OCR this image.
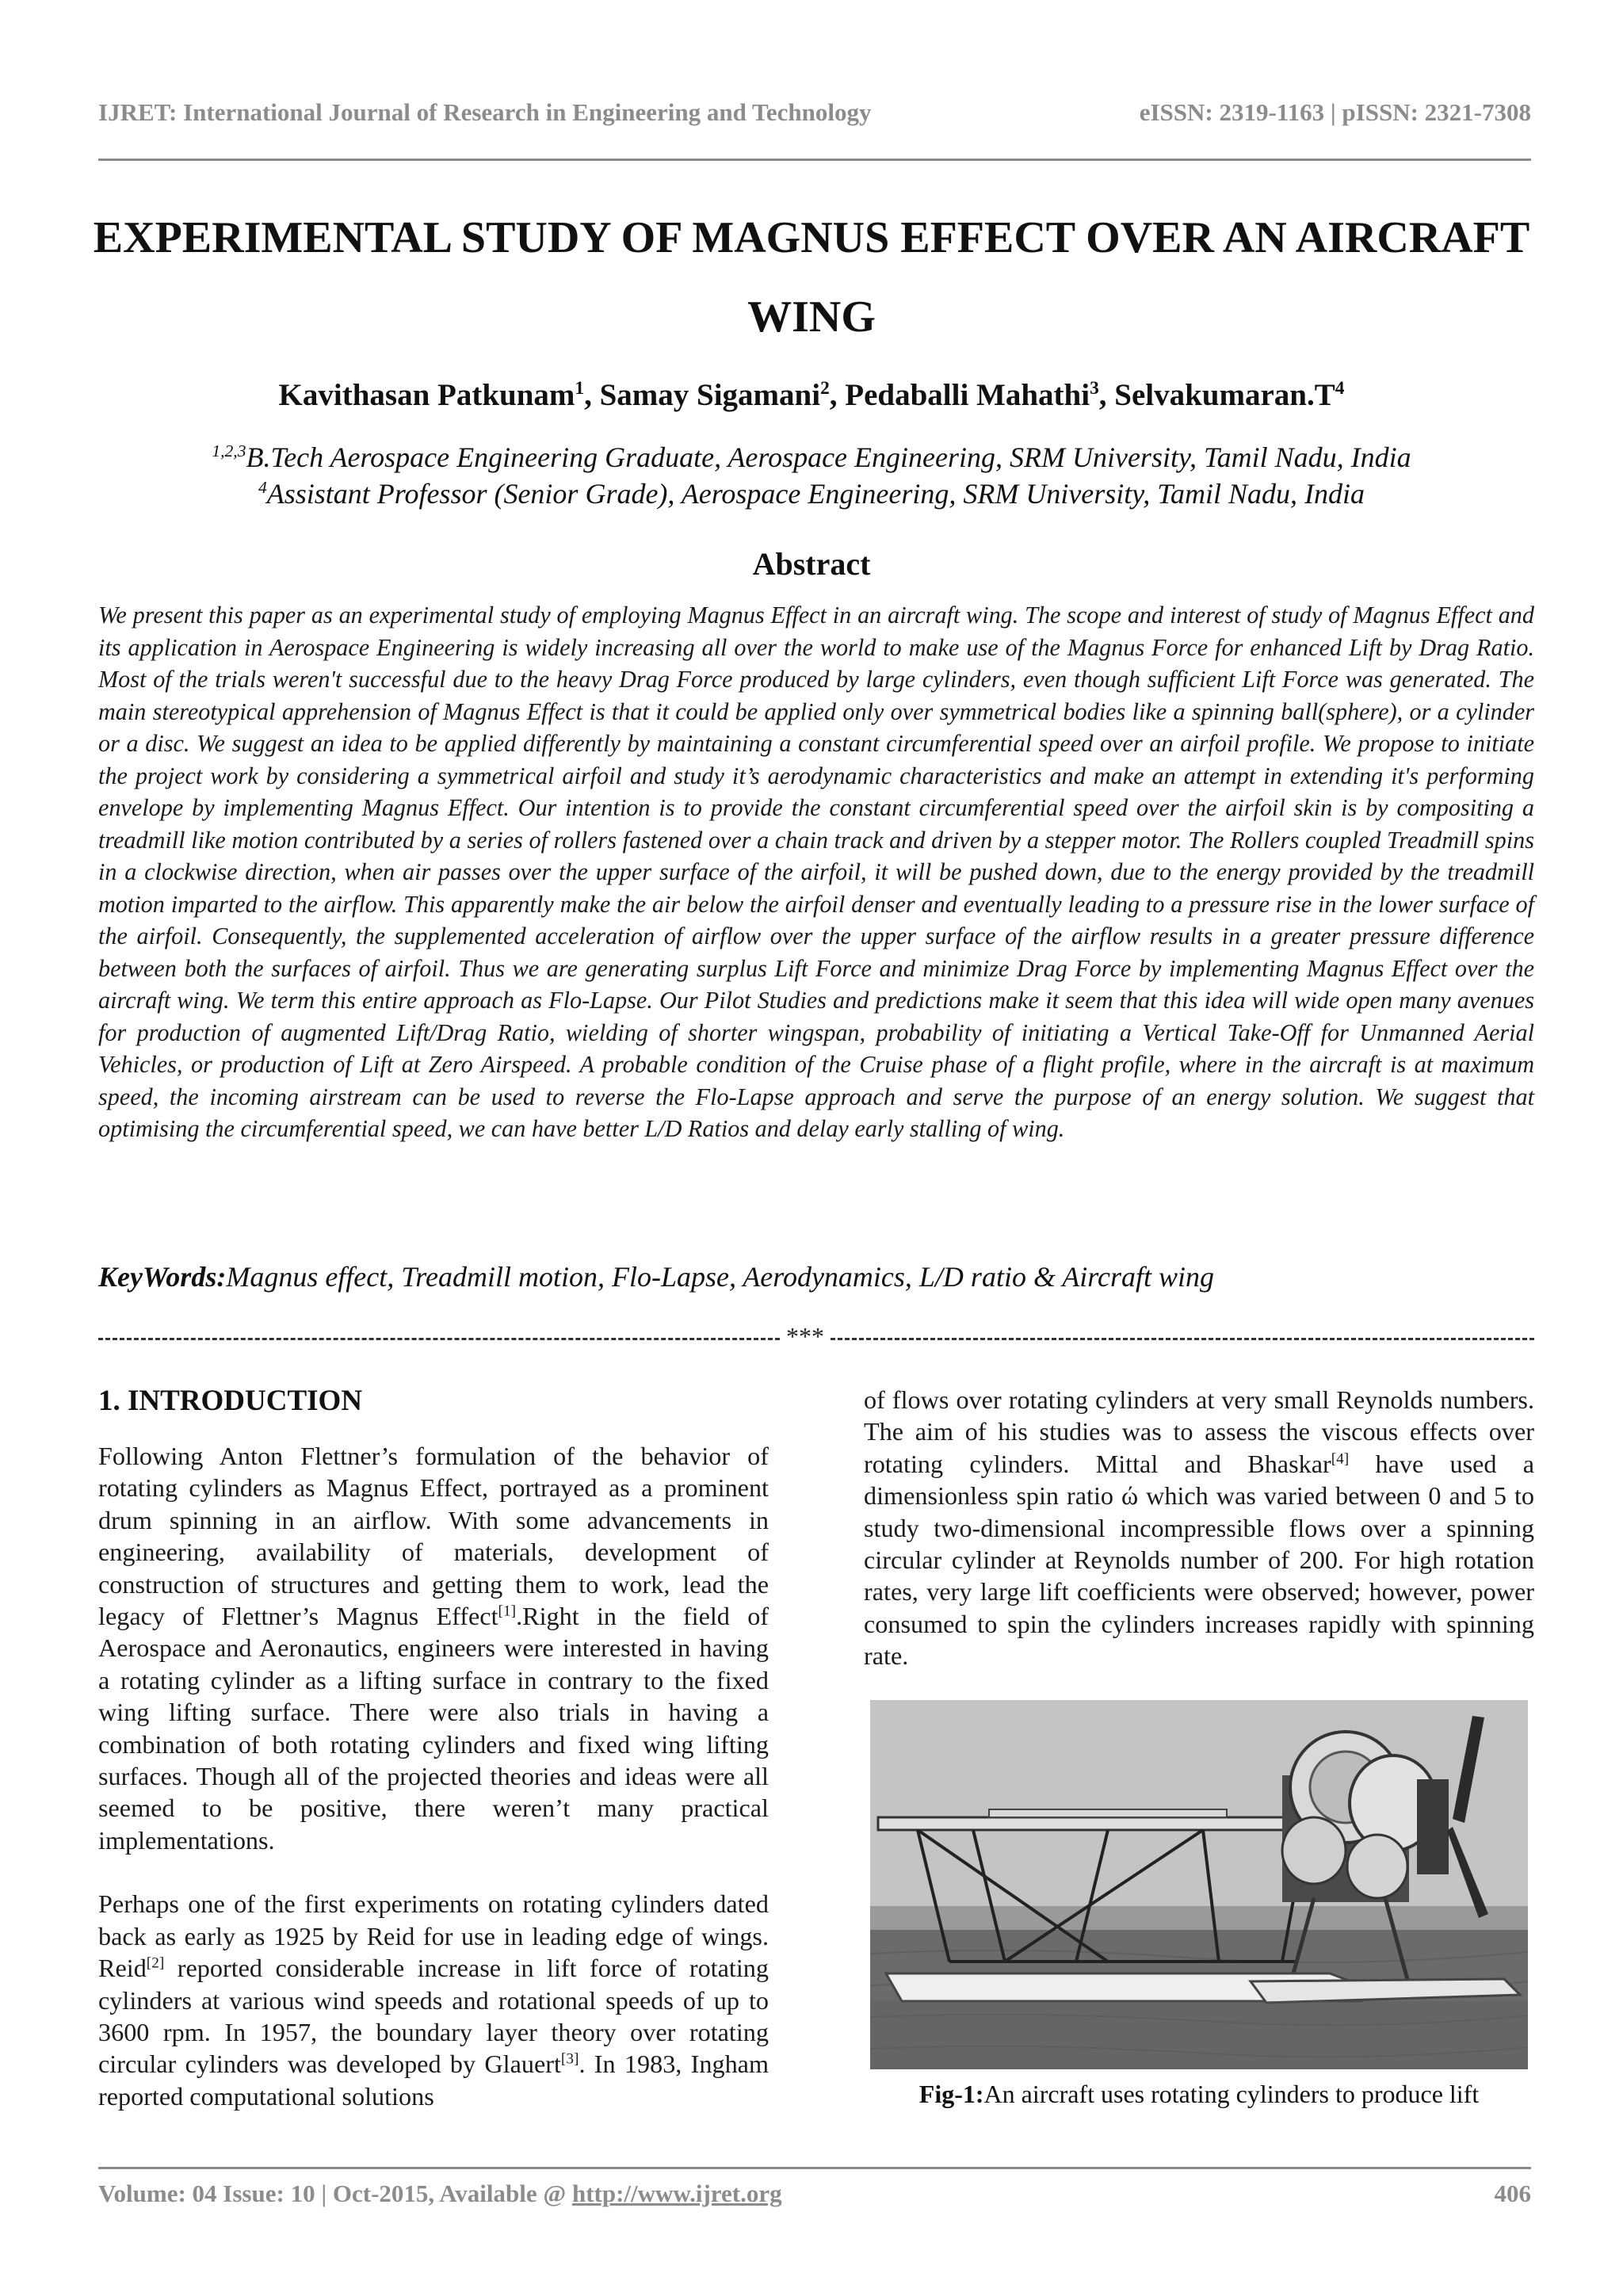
IJRET: International Journal of Research in Engineering and Technology	eISSN: 2319-1163 | pISSN: 2321-7308
EXPERIMENTAL STUDY OF MAGNUS EFFECT OVER AN AIRCRAFT WING
Kavithasan Patkunam$^1$, Samay Sigamani$^2$, Pedaballi Mahathi$^3$, $Selvakumaran.T^4$
$^{1,2,3}$B.Tech Aerospace Engineering Graduate, Aerospace Engineering, SRM University, Tamil Nadu, India
$^4$Assistant Professor (Senior Grade), Aerospace Engineering, SRM University, Tamil Nadu, India
Abstract

We present this paper as an experimental study of employing Magnus Effect in an aircraft wing. The scope and interest of study of Magnus Effect and its application in Aerospace Engineering is widely increasing all over the world to make use of the Magnus Force for enhanced Lift by Drag Ratio. Most of the trials weren't successful due to the heavy Drag Force produced by large cylinders, even though sufficient Lift Force was generated. The main stereotypical apprehension of Magnus Effect is that it could be applied only over symmetrical bodies like a spinning ball(sphere), or a cylinder or a disc. We suggest an idea to be applied differently by maintaining a constant circumferential speed over an airfoil profile. We propose to initiate the project work by considering a symmetrical airfoil and study it’s aerodynamic characteristics and make an attempt in extending it's performing envelope by implementing Magnus Effect. Our intention is to provide the constant circumferential speed over the airfoil skin is by compositing a treadmill like motion contributed by a series of rollers fastened over a chain track and driven by a stepper motor. The Rollers coupled Treadmill spins in a clockwise direction, when air passes over the upper surface of the airfoil, it will be pushed down, due to the energy provided by the treadmill motion imparted to the airflow. This apparently make the air below the airfoil denser and eventually leading to a pressure rise in the lower surface of the airfoil. Consequently, the supplemented acceleration of airflow over the upper surface of the airflow results in a greater pressure difference between both the surfaces of airfoil. Thus we are generating surplus Lift Force and minimize Drag Force by implementing Magnus Effect over the aircraft wing. We term this entire approach as Flo-Lapse. Our Pilot Studies and predictions make it seem that this idea will wide open many avenues for production of augmented Lift/Drag Ratio, wielding of shorter wingspan, probability of initiating a Vertical Take-Off for Unmanned Aerial Vehicles, or production of Lift at Zero Airspeed. A probable condition of the Cruise phase of a flight profile, where in the aircraft is at maximum speed, the incoming airstream can be used to reverse the Flo-Lapse approach and serve the purpose of an energy solution. We suggest that optimising the circumferential speed, we can have better L/D Ratios and delay early stalling of wing.

KeyWords:Magnus effect, Treadmill motion, Flo-Lapse, Aerodynamics, L/D ratio & Aircraft wing
***
1. INTRODUCTION

Following Anton Flettner’s formulation of the behavior of rotating cylinders as Magnus Effect, portrayed as a prominent drum spinning in an airflow. With some advancements in engineering, availability of materials, development of construction of structures and getting them to work, lead the legacy of Flettner’s Magnus Effect[1].Right in the field of Aerospace and Aeronautics, engineers were interested in having a rotating cylinder as a lifting surface in contrary to the fixed wing lifting surface. There were also trials in having a combination of both rotating cylinders and fixed wing lifting surfaces. Though all of the projected theories and ideas were all seemed to be positive, there weren’t many practical implementations.

Perhaps one of the first experiments on rotating cylinders dated back as early as 1925 by Reid for use in leading edge of wings. Reid[2] reported considerable increase in lift force of rotating cylinders at various wind speeds and rotational speeds of up to 3600 rpm. In 1957, the boundary layer theory over rotating circular cylinders was developed by Glauert[3]. In 1983, Ingham reported computational solutions

of flows over rotating cylinders at very small Reynolds numbers. The aim of his studies was to assess the viscous effects over rotating cylinders. Mittal and Bhaskar[4] have used a dimensionless spin ratio ώ which was varied between 0 and 5 to study two-dimensional incompressible flows over a spinning circular cylinder at Reynolds number of 200. For high rotation rates, very large lift coefficients were observed; however, power consumed to spin the cylinders increases rapidly with spinning rate.

Fig-1:An aircraft uses rotating cylinders to produce lift
Volume: 04 Issue: 10 | Oct-2015, Available @ http://www.ijret.org	406
